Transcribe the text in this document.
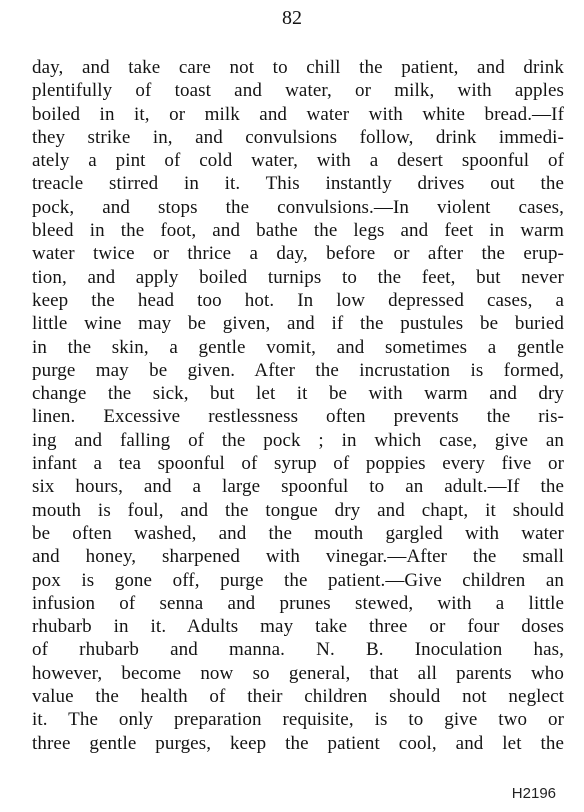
82
day, and take care not to chill the patient, and drink
plentifully of toast and water, or milk, with apples
boiled in it, or milk and water with white bread.—If
they strike in, and convulsions follow, drink immedi-
ately a pint of cold water, with a desert spoonful of
treacle stirred in it. This instantly drives out the
pock, and stops the convulsions.—In violent cases,
bleed in the foot, and bathe the legs and feet in warm
water twice or thrice a day, before or after the erup-
tion, and apply boiled turnips to the feet, but never
keep the head too hot. In low depressed cases, a
little wine may be given, and if the pustules be buried
in the skin, a gentle vomit, and sometimes a gentle
purge may be given. After the incrustation is formed,
change the sick, but let it be with warm and dry
linen. Excessive restlessness often prevents the ris-
ing and falling of the pock ; in which case, give an
infant a tea spoonful of syrup of poppies every five or
six hours, and a large spoonful to an adult.—If the
mouth is foul, and the tongue dry and chapt, it should
be often washed, and the mouth gargled with water
and honey, sharpened with vinegar.—After the small
pox is gone off, purge the patient.—Give children an
infusion of senna and prunes stewed, with a little
rhubarb in it. Adults may take three or four doses
of rhubarb and manna. N. B. Inoculation has,
however, become now so general, that all parents who
value the health of their children should not neglect
it. The only preparation requisite, is to give two or
three gentle purges, keep the patient cool, and let the
H2196
